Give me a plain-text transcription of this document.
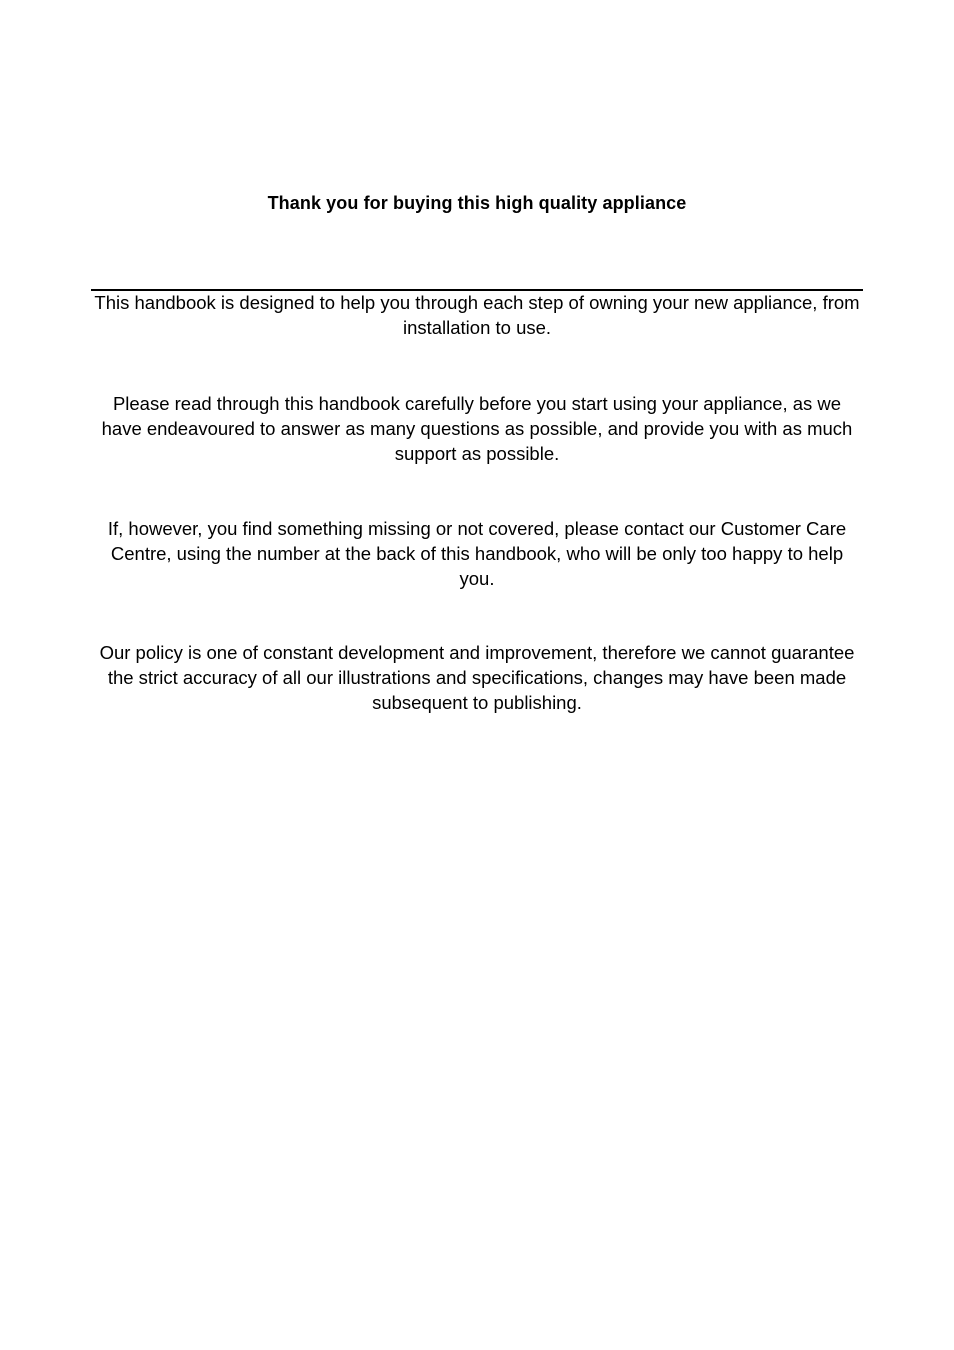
Thank you for buying this high quality appliance

This handbook is designed to help you through each step of owning your new appliance, from installation to use.

Please read through this handbook carefully before you start using your appliance, as we have endeavoured to answer as many questions as possible, and provide you with as much support as possible.

If, however, you find something missing or not covered, please contact our Customer Care Centre, using the number at the back of this handbook, who will be only too happy to help you.

Our policy is one of constant development and improvement, therefore we cannot guarantee the strict accuracy of all our illustrations and specifications, changes may have been made subsequent to publishing.
